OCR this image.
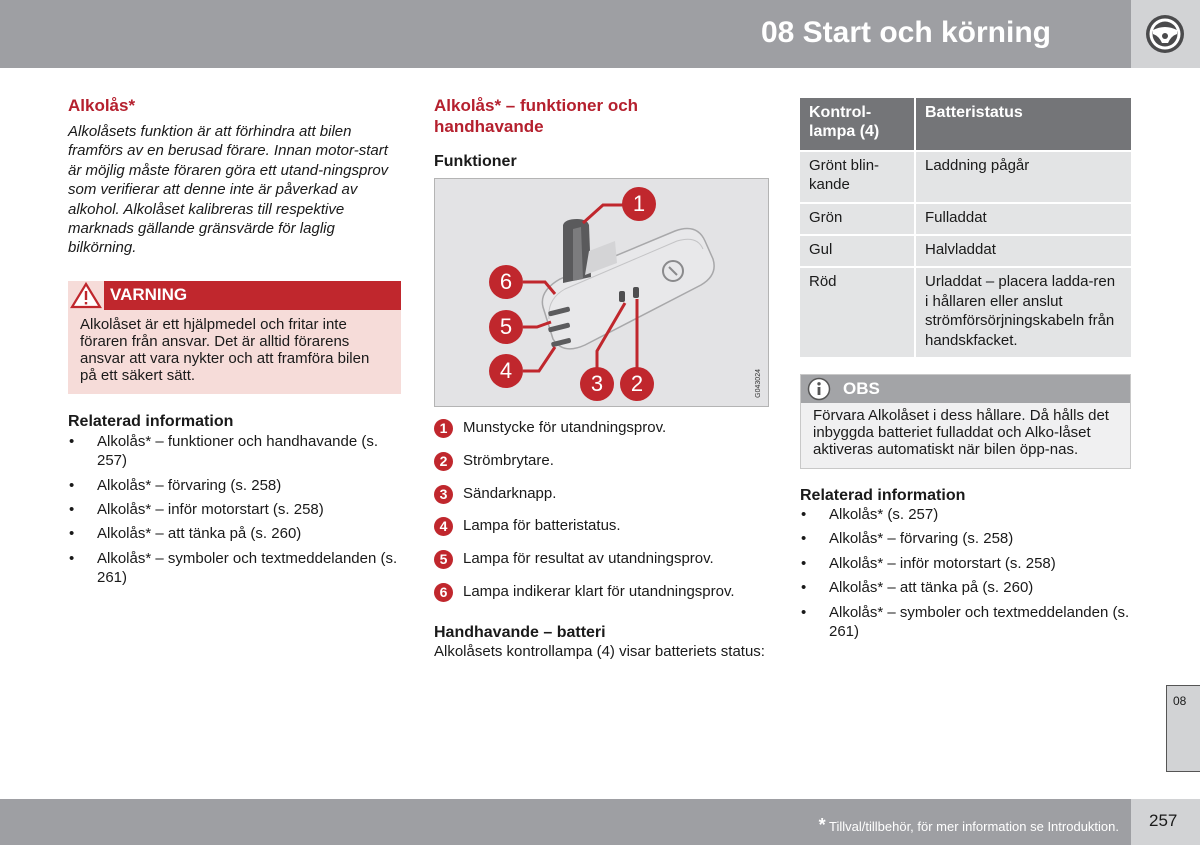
08 Start och körning
Alkolås*

Alkolåsets funktion är att förhindra att bilen framförs av en berusad förare. Innan motor-start är möjlig måste föraren göra ett utand-ningsprov som verifierar att denne inte är påverkad av alkohol. Alkolåset kalibreras till respektive marknads gällande gränsvärde för laglig bilkörning.

VARNING
Alkolåset är ett hjälpmedel och fritar inte föraren från ansvar. Det är alltid förarens ansvar att vara nykter och att framföra bilen på ett säkert sätt.
Relaterad information
• Alkolås* – funktioner och handhavande (s. 257)
• Alkolås* – förvaring (s. 258)
• Alkolås* – inför motorstart (s. 258)
• Alkolås* – att tänka på (s. 260)
• Alkolås* – symboler och textmeddelanden (s. 261)
Alkolås* – funktioner och handhavande
Funktioner
1
6
5
4
3	2	G043024
1	Munstycke för utandningsprov.
2	Strömbrytare.
3	Sändarknapp.
4	Lampa för batteristatus.
5	Lampa för resultat av utandningsprov.
6	Lampa indikerar klart för utandningsprov.
Handhavande – batteri

Alkolåsets kontrollampa (4) visar batteriets status:

Kontrol-lampa (4)	Batteristatus
Grönt blin-kande	Laddning pågår
Grön	Fulladdat
Gul	Halvladdat
Röd	Urladdat – placera ladda-ren i hållaren eller anslut strömförsörjningskabeln från handskfacket.
OBS
Förvara Alkolåset i dess hållare. Då hålls det inbyggda batteriet fulladdat och Alko-låset aktiveras automatiskt när bilen öpp-nas.
Relaterad information
• Alkolås* (s. 257)
• Alkolås* – förvaring (s. 258)
• Alkolås* – inför motorstart (s. 258)
• Alkolås* – att tänka på (s. 260)
• Alkolås* – symboler och textmeddelanden (s. 261)
08
* Tillval/tillbehör, för mer information se Introduktion. 257
